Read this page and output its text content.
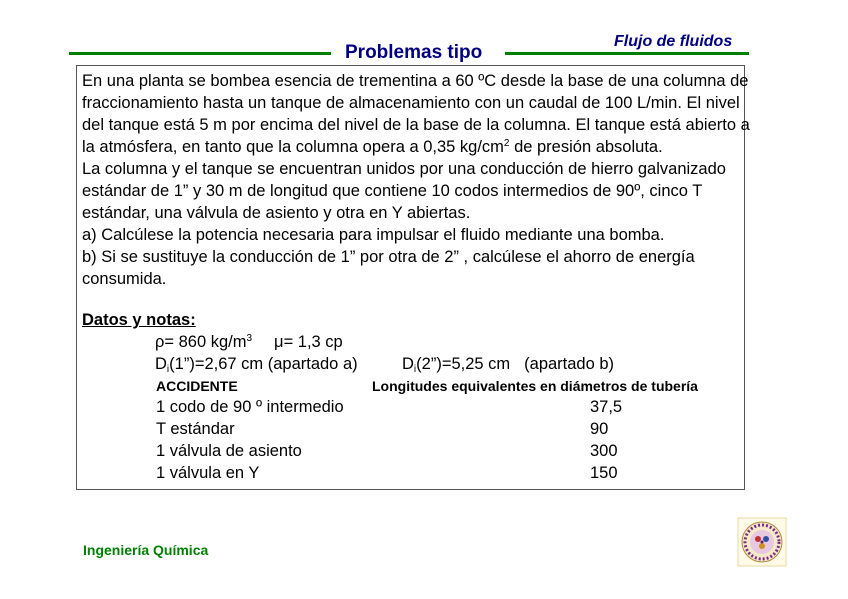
Flujo de fluidos
Problemas tipo

En una planta se bombea esencia de trementina a 60 ºC desde la base de una columna de fraccionamiento hasta un tanque de almacenamiento con un caudal de 100 L/min. El nivel del tanque está 5 m por encima del nivel de la base de la columna. El tanque está abierto a la atmósfera, en tanto que la columna opera a 0,35 $kg/cm^2$ de presión absoluta.

La columna y el tanque se encuentran unidos por una conducción de hierro galvanizado estándar de 1” y 30 m de longitud que contiene 10 codos intermedios de 90º, cinco T estándar, una válvula de asiento y otra en Y abiertas.

a) Calcúlese la potencia necesaria para impulsar el fluido mediante una bomba.

b) Si se sustituye la conducción de 1” por otra de 2” , calcúlese el ahorro de energía consumida.

Datos y notas:
ρ= 860 $kg/m^3$ μ= 1,3 cp
$D_i(1”)=2,67$ cm (apartado a)	$D_i(2”)=5,25$ cm (apartado b)
ACCIDENTE	Longitudes equivalentes en diámetros de tubería
1 codo de 90 º intermedio	37,5
T estándar	90
1 válvula de asiento	300
1 válvula en Y	150
Ingeniería Química
